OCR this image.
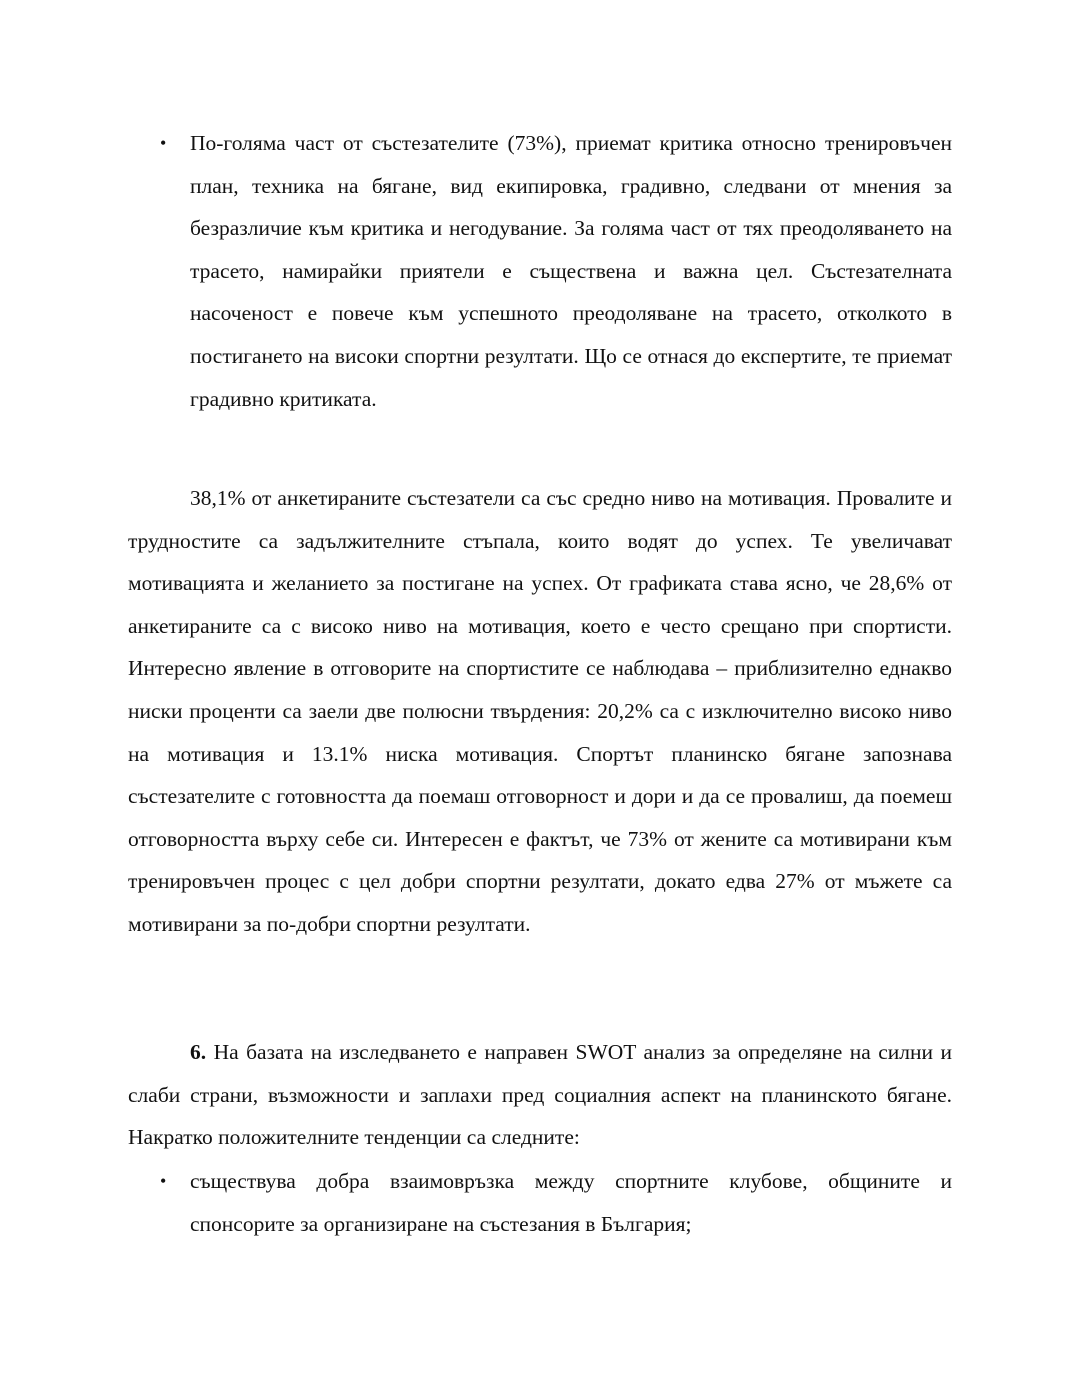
• По-голяма част от състезателите (73%), приемат критика относно тренировъчен план, техника на бягане, вид екипировка, градивно, следвани от мнения за безразличие към критика и негодувание. За голяма част от тях преодоляването на трасето, намирайки приятели е съществена и важна цел. Състезателната насоченост е повече към успешното преодоляване на трасето, отколкото в постигането на високи спортни резултати. Що се отнася до експертите, те приемат градивно критиката.

38,1% от анкетираните състезатели са със средно ниво на мотивация. Провалите и трудностите са задължителните стъпала, които водят до успех. Те увеличават мотивацията и желанието за постигане на успех. От графиката става ясно, че 28,6% от анкетираните са с високо ниво на мотивация, което е често срещано при спортисти. Интересно явление в отговорите на спортистите се наблюдава – приблизително еднакво ниски проценти са заели две полюсни твърдения: 20,2% са с изключително високо ниво на мотивация и 13.1% ниска мотивация. Спортът планинско бягане запознава състезателите с готовността да поемаш отговорност и дори и да се провалиш, да поемеш отговорността върху себе си. Интересен е фактът, че 73% от жените са мотивирани към тренировъчен процес с цел добри спортни резултати, докато едва 27% от мъжете са мотивирани за по-добри спортни резултати.

6. На базата на изследването е направен SWOT анализ за определяне на силни и слаби страни, възможности и заплахи пред социалния аспект на планинското бягане. Накратко положителните тенденции са следните:

• съществува добра взаимовръзка между спортните клубове, общините и спонсорите за организиране на състезания в България;
